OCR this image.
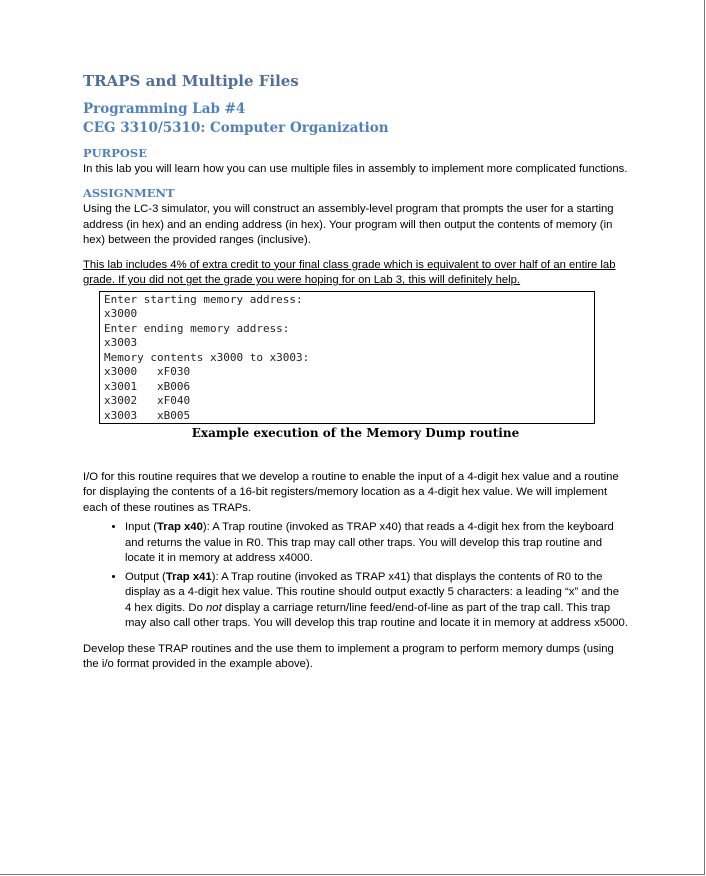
TRAPS and Multiple Files
Programming Lab #4
CEG 3310/5310: Computer Organization
PURPOSE

In this lab you will learn how you can use multiple files in assembly to implement more complicated functions.

ASSIGNMENT

Using the LC-3 simulator, you will construct an assembly-level program that prompts the user for a starting address (in hex) and an ending address (in hex). Your program will then output the contents of memory (in hex) between the provided ranges (inclusive).

This lab includes 4% of extra credit to your final class grade which is equivalent to over half of an entire lab grade. If you did not get the grade you were hoping for on Lab 3, this will definitely help.

Enter starting memory address:
x3000
Enter ending memory address:
x3003
Memory contents x3000 to x3003:
x3000   xF030
x3001   xB006
x3002   xF040
x3003   xB005
Example execution of the Memory Dump routine

I/O for this routine requires that we develop a routine to enable the input of a 4-digit hex value and a routine for displaying the contents of a 16-bit registers/memory location as a 4-digit hex value. We will implement each of these routines as TRAPs.

• Input (Trap x40): A Trap routine (invoked as TRAP x40) that reads a 4-digit hex from the keyboard and returns the value in R0. This trap may call other traps. You will develop this trap routine and locate it in memory at address x4000.
• Output (Trap x41): A Trap routine (invoked as TRAP x41) that displays the contents of R0 to the display as a 4-digit hex value. This routine should output exactly 5 characters: a leading “x” and the 4 hex digits. Do not display a carriage return/line feed/end-of-line as part of the trap call. This trap may also call other traps. You will develop this trap routine and locate it in memory at address x5000.

Develop these TRAP routines and the use them to implement a program to perform memory dumps (using the i/o format provided in the example above).
